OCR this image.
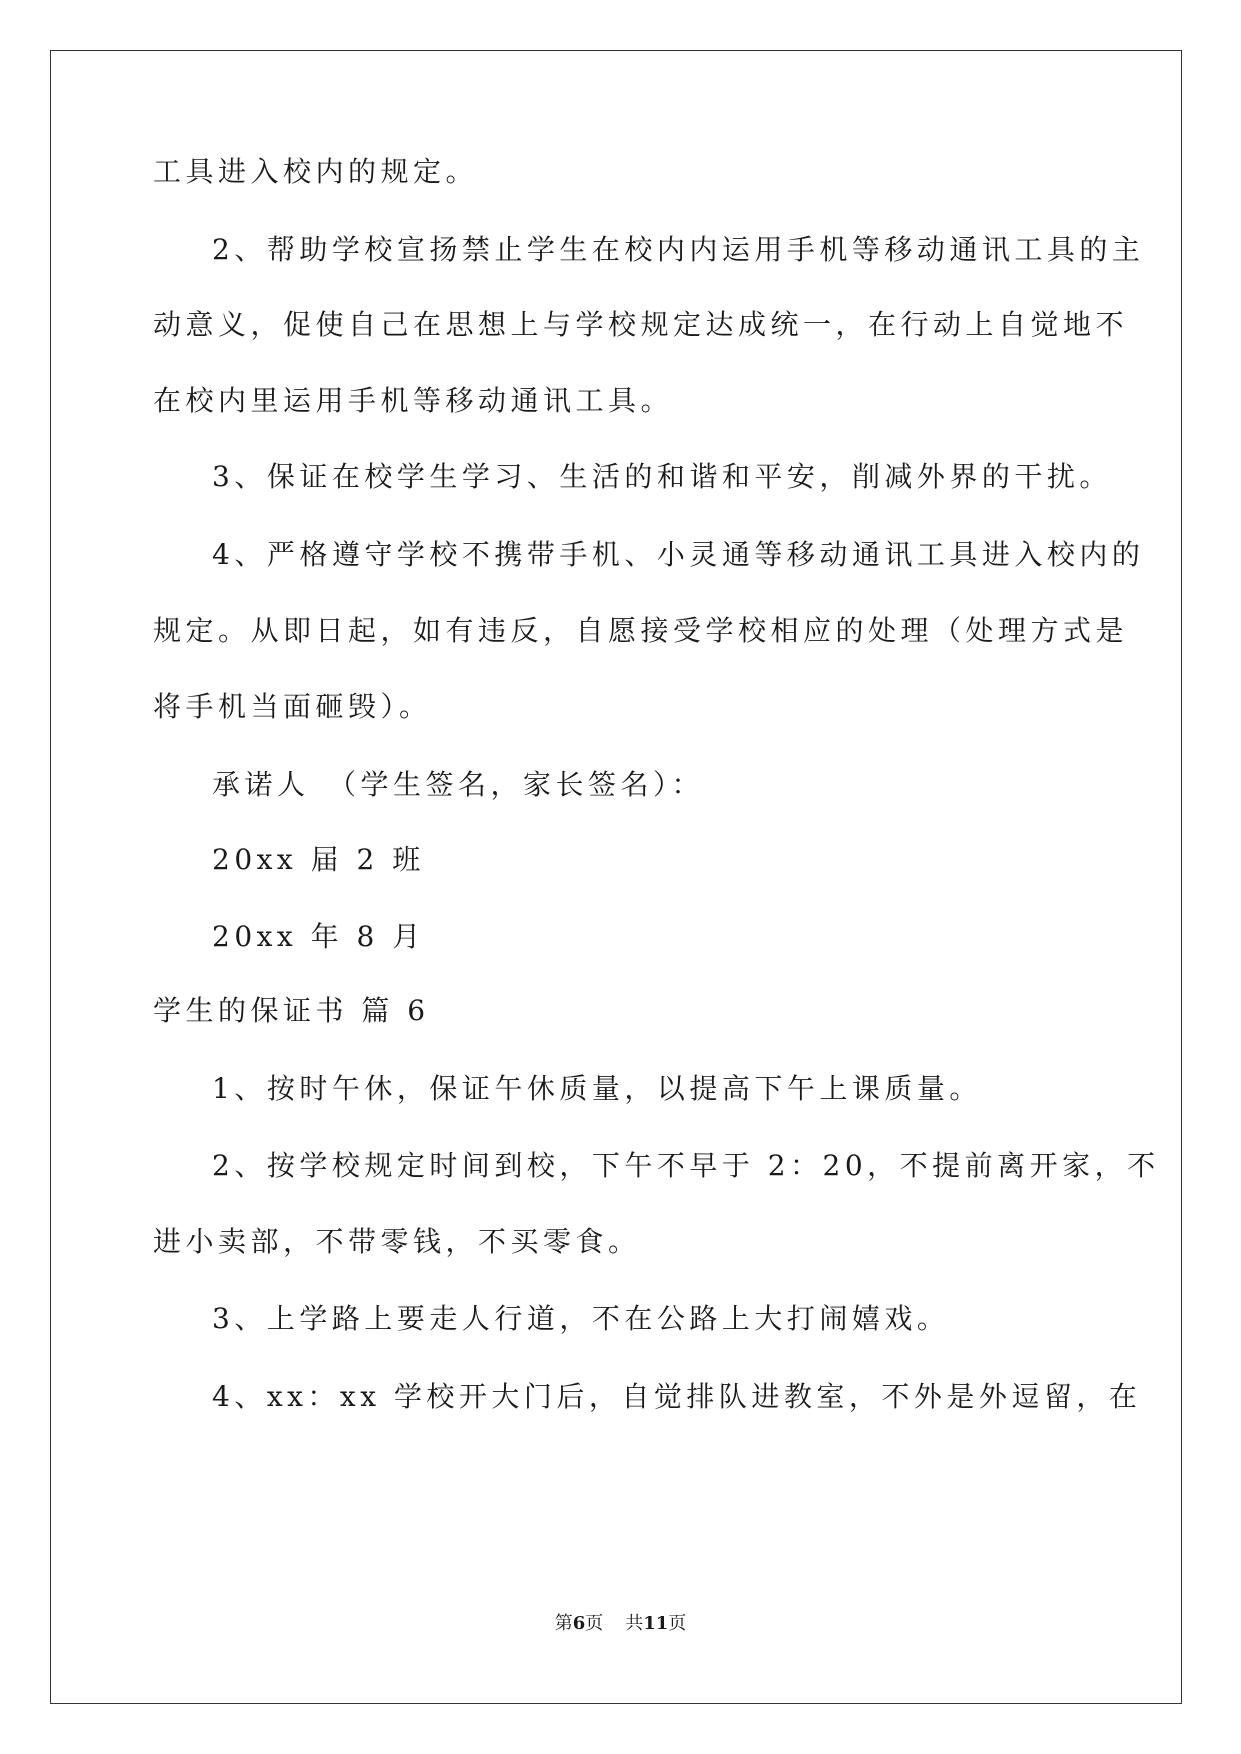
工具进入校内的规定。
2、帮助学校宣扬禁止学生在校内内运用手机等移动通讯工具的主
动意义，促使自己在思想上与学校规定达成统一，在行动上自觉地不
在校内里运用手机等移动通讯工具。
3、保证在校学生学习、生活的和谐和平安，削减外界的干扰。
4、严格遵守学校不携带手机、小灵通等移动通讯工具进入校内的
规定。从即日起，如有违反，自愿接受学校相应的处理（处理方式是
将手机当面砸毁）。
承诺人　（学生签名，家长签名）：
20xx 届 2 班
20xx 年 8 月
学生的保证书 篇 6
1、按时午休，保证午休质量，以提高下午上课质量。
2、按学校规定时间到校，下午不早于 2：20，不提前离开家，不
进小卖部，不带零钱，不买零食。
3、上学路上要走人行道，不在公路上大打闹嬉戏。
4、xx：xx 学校开大门后，自觉排队进教室，不外是外逗留，在
第6页 共11页
